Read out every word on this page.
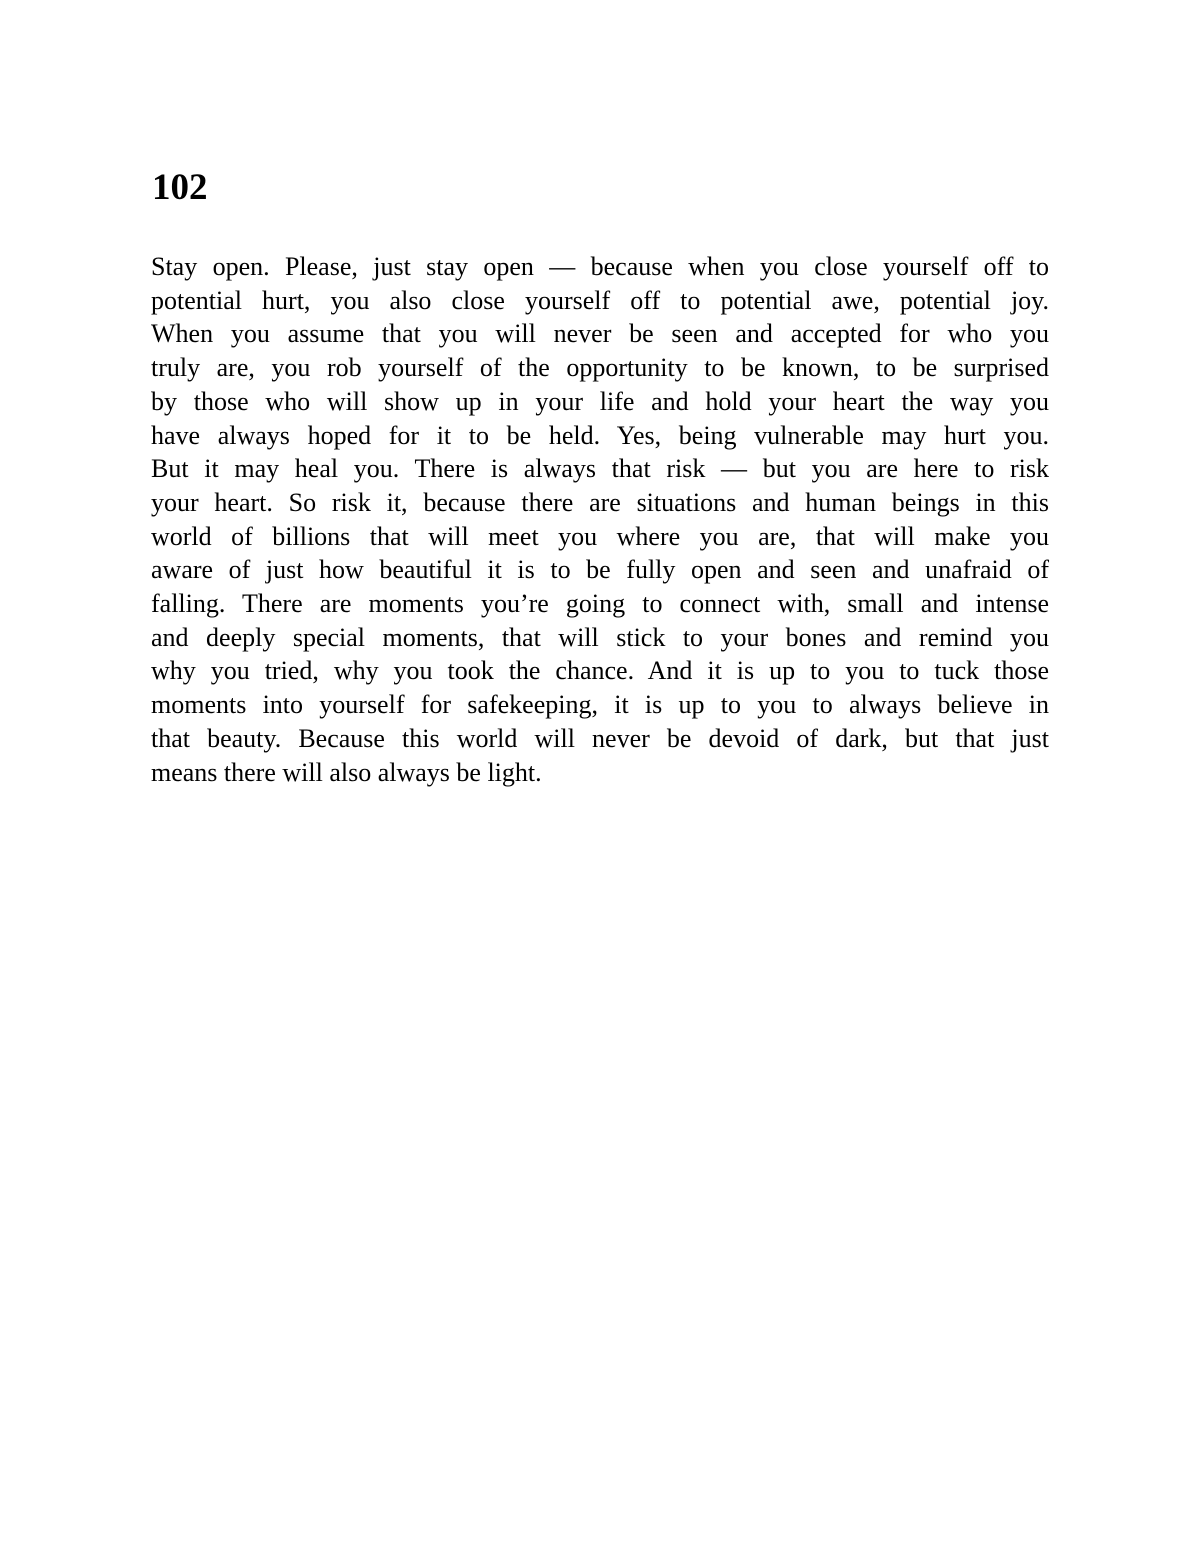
102
Stay open. Please, just stay open — because when you close yourself off to
potential hurt, you also close yourself off to potential awe, potential joy.
When you assume that you will never be seen and accepted for who you
truly are, you rob yourself of the opportunity to be known, to be surprised
by those who will show up in your life and hold your heart the way you
have always hoped for it to be held. Yes, being vulnerable may hurt you.
But it may heal you. There is always that risk — but you are here to risk
your heart. So risk it, because there are situations and human beings in this
world of billions that will meet you where you are, that will make you
aware of just how beautiful it is to be fully open and seen and unafraid of
falling. There are moments you’re going to connect with, small and intense
and deeply special moments, that will stick to your bones and remind you
why you tried, why you took the chance. And it is up to you to tuck those
moments into yourself for safekeeping, it is up to you to always believe in
that beauty. Because this world will never be devoid of dark, but that just
means there will also always be light.
